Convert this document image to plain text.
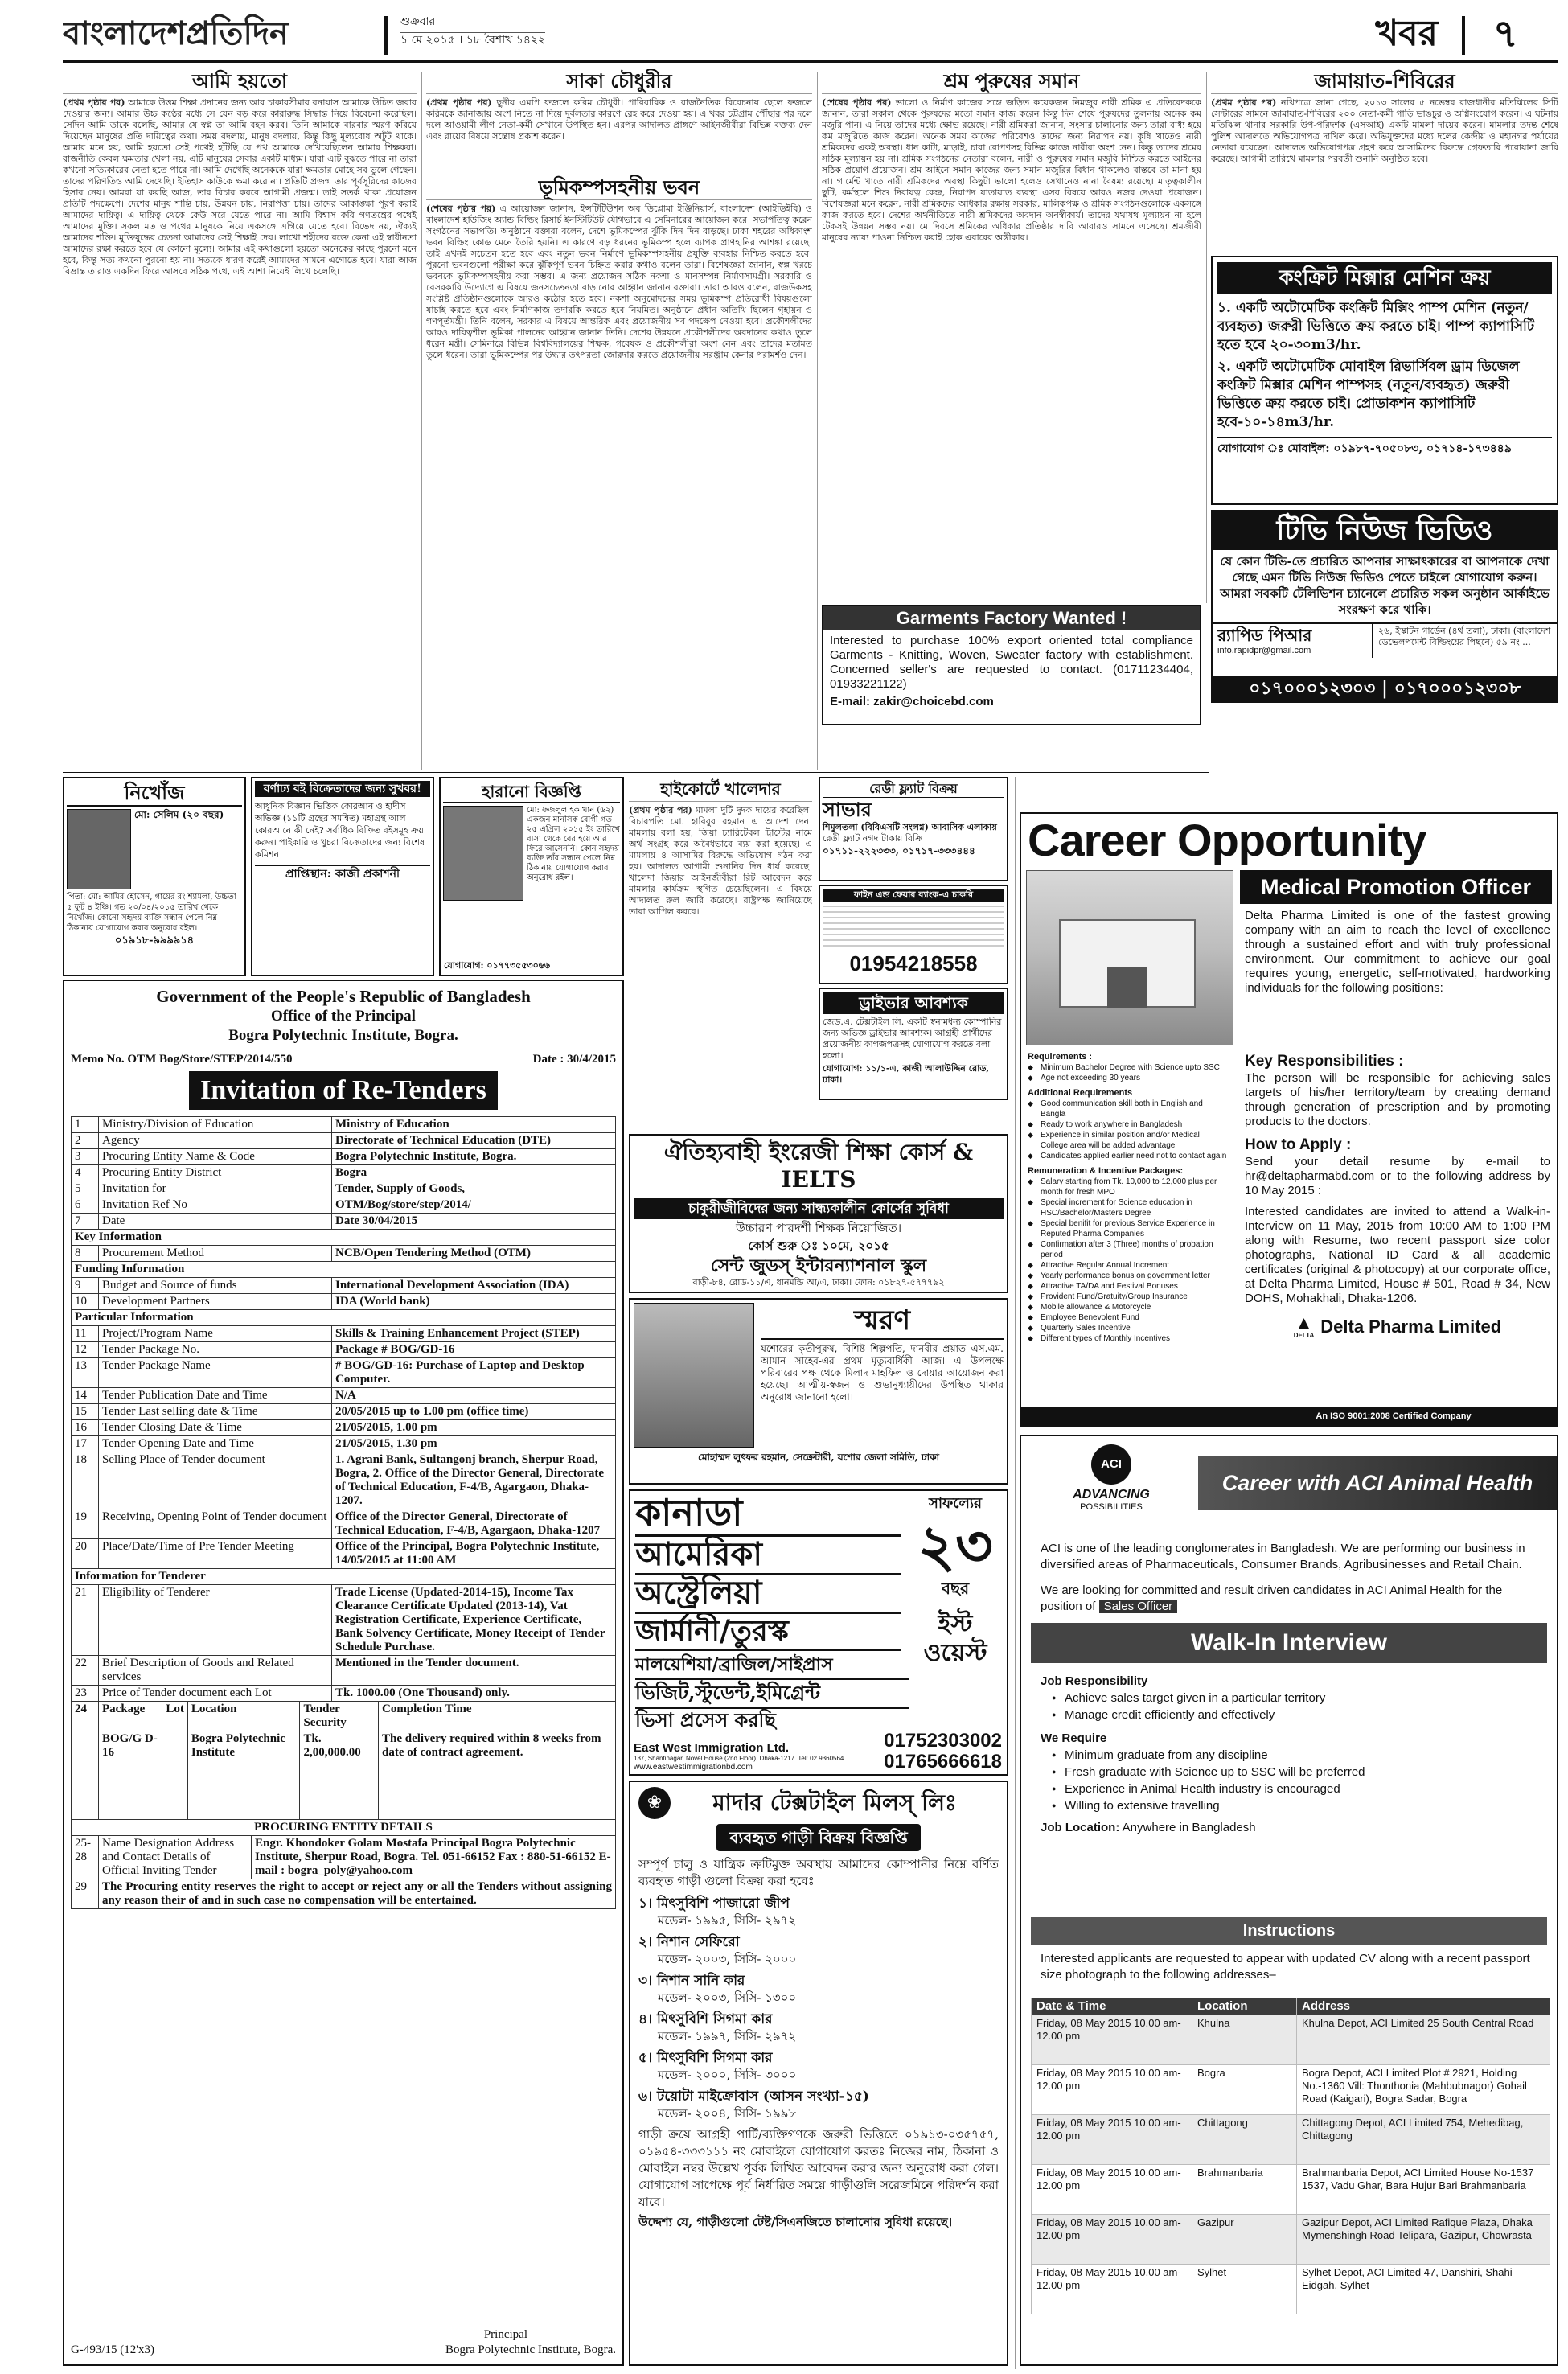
বাংলাদেশপ্রতিদিন	শুক্রবার
১ মে ২০১৫ । ১৮ বৈশাখ ১৪২২	খবর ৭
আমি হয়তো
(প্রথম পৃষ্ঠার পর) আমাকে উত্তম শিক্ষা প্রদানের জন্য আর চাকারসীমার বনায়াস আমাকে উচিত জবাব দেওয়ার জন্য। আমার উচ্চ কণ্ঠের মধ্যে সে যেন বড় করে কারারুদ্ধ সিদ্ধান্ত নিয়ে বিবেচনা করেছিল। সেদিন আমি তাকে বলেছি, আমার যে স্বপ্ন তা আমি বহন করব। তিনি আমাকে বারবার স্মরণ করিয়ে দিয়েছেন মানুষের প্রতি দায়িত্বের কথা। সময় বদলায়, মানুষ বদলায়, কিন্তু কিছু মূল্যবোধ অটুট থাকে। আমার মনে হয়, আমি হয়তো সেই পথেই হাঁটছি যে পথ আমাকে দেখিয়েছিলেন আমার শিক্ষকরা। রাজনীতি কেবল ক্ষমতার খেলা নয়, এটি মানুষের সেবার একটি মাধ্যম। যারা এটি বুঝতে পারে না তারা কখনো সত্যিকারের নেতা হতে পারে না। আমি দেখেছি অনেককে যারা ক্ষমতার মোহে সব ভুলে গেছেন। তাদের পরিণতিও আমি দেখেছি। ইতিহাস কাউকে ক্ষমা করে না। প্রতিটি প্রজন্ম তার পূর্বসূরিদের কাজের হিসাব নেয়। আমরা যা করছি আজ, তার বিচার করবে আগামী প্রজন্ম। তাই সতর্ক থাকা প্রয়োজন প্রতিটি পদক্ষেপে। দেশের মানুষ শান্তি চায়, উন্নয়ন চায়, নিরাপত্তা চায়। তাদের আকাঙ্ক্ষা পূরণ করাই আমাদের দায়িত্ব। এ দায়িত্ব থেকে কেউ সরে যেতে পারে না। আমি বিশ্বাস করি গণতন্ত্রের পথেই আমাদের মুক্তি। সকল মত ও পথের মানুষকে নিয়ে একসঙ্গে এগিয়ে যেতে হবে। বিভেদ নয়, ঐক্যই আমাদের শক্তি। মুক্তিযুদ্ধের চেতনা আমাদের সেই শিক্ষাই দেয়। লাখো শহীদের রক্তে কেনা এই স্বাধীনতা আমাদের রক্ষা করতে হবে যে কোনো মূল্যে। আমার এই কথাগুলো হয়তো অনেকের কাছে পুরনো মনে হবে, কিন্তু সত্য কখনো পুরনো হয় না। সত্যকে ধারণ করেই আমাদের সামনে এগোতে হবে। যারা আজ বিভ্রান্ত তারাও একদিন ফিরে আসবে সঠিক পথে, এই আশা নিয়েই লিখে চলেছি।
সাকা চৌধুরীর
(প্রথম পৃষ্ঠার পর) ছুনীয় এমপি ফজলে করিম চৌধুরী। পারিবারিক ও রাজনৈতিক বিবেচনায় ছেলে ফজলে করিমকে জানাজায় অংশ নিতে না দিয়ে দুর্বলতার কারণে রেহ করে দেওয়া হয়। এ খবর চট্টগ্রাম পৌঁছার পর দলে দলে আওয়ামী লীগ নেতা-কর্মী সেখানে উপস্থিত হন। এরপর আদালত প্রাঙ্গণে আইনজীবীরা বিভিন্ন বক্তব্য দেন এবং রায়ের বিষয়ে সন্তোষ প্রকাশ করেন।
ভূমিকম্পসহনীয় ভবন
(শেষের পৃষ্ঠার পর) এ আয়োজন জানান, ইন্সটিটিউশন অব ডিপ্লোমা ইঞ্জিনিয়ার্স, বাংলাদেশ (আইডিইবি) ও বাংলাদেশ হাউজিং অ্যান্ড বিল্ডিং রিসার্চ ইনস্টিটিউট যৌথভাবে এ সেমিনারের আয়োজন করে। সভাপতিত্ব করেন সংগঠনের সভাপতি। অনুষ্ঠানে বক্তারা বলেন, দেশে ভূমিকম্পের ঝুঁকি দিন দিন বাড়ছে। ঢাকা শহরের অধিকাংশ ভবন বিল্ডিং কোড মেনে তৈরি হয়নি। এ কারণে বড় ধরনের ভূমিকম্প হলে ব্যাপক প্রাণহানির আশঙ্কা রয়েছে। তাই এখনই সচেতন হতে হবে এবং নতুন ভবন নির্মাণে ভূমিকম্পসহনীয় প্রযুক্তি ব্যবহার নিশ্চিত করতে হবে। পুরনো ভবনগুলো পরীক্ষা করে ঝুঁকিপূর্ণ ভবন চিহ্নিত করার কথাও বলেন তারা। বিশেষজ্ঞরা জানান, স্বল্প খরচে ভবনকে ভূমিকম্পসহনীয় করা সম্ভব। এ জন্য প্রয়োজন সঠিক নকশা ও মানসম্পন্ন নির্মাণসামগ্রী। সরকারি ও বেসরকারি উদ্যোগে এ বিষয়ে জনসচেতনতা বাড়ানোর আহ্বান জানান বক্তারা। তারা আরও বলেন, রাজউকসহ সংশ্লিষ্ট প্রতিষ্ঠানগুলোকে আরও কঠোর হতে হবে। নকশা অনুমোদনের সময় ভূমিকম্প প্রতিরোধী বিষয়গুলো যাচাই করতে হবে এবং নির্মাণকাজ তদারকি করতে হবে নিয়মিত। অনুষ্ঠানে প্রধান অতিথি ছিলেন গৃহায়ন ও গণপূর্তমন্ত্রী। তিনি বলেন, সরকার এ বিষয়ে আন্তরিক এবং প্রয়োজনীয় সব পদক্ষেপ নেওয়া হবে। প্রকৌশলীদের আরও দায়িত্বশীল ভূমিকা পালনের আহ্বান জানান তিনি। দেশের উন্নয়নে প্রকৌশলীদের অবদানের কথাও তুলে ধরেন মন্ত্রী। সেমিনারে বিভিন্ন বিশ্ববিদ্যালয়ের শিক্ষক, গবেষক ও প্রকৌশলীরা অংশ নেন এবং তাদের মতামত তুলে ধরেন। তারা ভূমিকম্পের পর উদ্ধার তৎপরতা জোরদার করতে প্রয়োজনীয় সরঞ্জাম কেনার পরামর্শও দেন।
শ্রম পুরুষের সমান
(শেষের পৃষ্ঠার পর) ভালো ও নির্মাণ কাজের সঙ্গে জড়িত কয়েকজন নিমজুর নারী শ্রমিক এ প্রতিবেদককে জানান, তারা সকাল থেকে পুরুষদের মতো সমান কাজ করেন কিন্তু দিন শেষে পুরুষদের তুলনায় অনেক কম মজুরি পান। এ নিয়ে তাদের মধ্যে ক্ষোভ রয়েছে। নারী শ্রমিকরা জানান, সংসার চালানোর জন্য তারা বাধ্য হয়ে কম মজুরিতে কাজ করেন। অনেক সময় কাজের পরিবেশও তাদের জন্য নিরাপদ নয়। কৃষি খাতেও নারী শ্রমিকদের একই অবস্থা। ধান কাটা, মাড়াই, চারা রোপণসহ বিভিন্ন কাজে নারীরা অংশ নেন। কিন্তু তাদের শ্রমের সঠিক মূল্যায়ন হয় না। শ্রমিক সংগঠনের নেতারা বলেন, নারী ও পুরুষের সমান মজুরি নিশ্চিত করতে আইনের সঠিক প্রয়োগ প্রয়োজন। শ্রম আইনে সমান কাজের জন্য সমান মজুরির বিধান থাকলেও বাস্তবে তা মানা হয় না। গার্মেন্ট খাতে নারী শ্রমিকদের অবস্থা কিছুটা ভালো হলেও সেখানেও নানা বৈষম্য রয়েছে। মাতৃত্বকালীন ছুটি, কর্মস্থলে শিশু দিবাযত্ন কেন্দ্র, নিরাপদ যাতায়াত ব্যবস্থা এসব বিষয়ে আরও নজর দেওয়া প্রয়োজন। বিশেষজ্ঞরা মনে করেন, নারী শ্রমিকদের অধিকার রক্ষায় সরকার, মালিকপক্ষ ও শ্রমিক সংগঠনগুলোকে একসঙ্গে কাজ করতে হবে। দেশের অর্থনীতিতে নারী শ্রমিকদের অবদান অনস্বীকার্য। তাদের যথাযথ মূল্যায়ন না হলে টেকসই উন্নয়ন সম্ভব নয়। মে দিবসে শ্রমিকের অধিকার প্রতিষ্ঠার দাবি আবারও সামনে এসেছে। শ্রমজীবী মানুষের ন্যায্য পাওনা নিশ্চিত করাই হোক এবারের অঙ্গীকার।
জামায়াত-শিবিরের
(প্রথম পৃষ্ঠার পর) নথিপত্রে জানা গেছে, ২০১৩ সালের ৫ নভেম্বর রাজধানীর মতিঝিলের সিটি সেন্টারের সামনে জামায়াত-শিবিরের ২০০ নেতা-কর্মী গাড়ি ভাঙচুর ও অগ্নিসংযোগ করেন। এ ঘটনায় মতিঝিল থানার সরকারি উপ-পরিদর্শক (এসআই) একটি মামলা দায়ের করেন। মামলার তদন্ত শেষে পুলিশ আদালতে অভিযোগপত্র দাখিল করে। অভিযুক্তদের মধ্যে দলের কেন্দ্রীয় ও মহানগর পর্যায়ের নেতারা রয়েছেন। আদালত অভিযোগপত্র গ্রহণ করে আসামিদের বিরুদ্ধে গ্রেফতারি পরোয়ানা জারি করেছে। আগামী তারিখে মামলার পরবর্তী শুনানি অনুষ্ঠিত হবে।
কংক্রিট মিক্সার মেশিন ক্রয়
১. একটি অটোমেটিক কংক্রিট মিক্সিং পাম্প মেশিন (নতুন/ ব্যবহৃত) জরুরী ভিত্তিতে ক্রয় করতে চাই। পাম্প ক্যাপাসিটি হতে হবে ২০-৩০m3/hr.
২. একটি অটোমেটিক মোবাইল রিভার্সিবল ড্রাম ডিজেল কংক্রিট মিক্সার মেশিন পাম্পসহ (নতুন/ব্যবহৃত) জরুরী ভিত্তিতে ক্রয় করতে চাই। প্রোডাকশন ক্যাপাসিটি হবে-১০-১৪m3/hr.
যোগাযোগ ঃ মোবাইল: ০১৯৮৭-৭০৫০৮৩, ০১৭১৪-১৭৩৪৪৯
টিভি নিউজ ভিডিও
যে কোন টিভি-তে প্রচারিত আপনার সাক্ষাৎকারের বা আপনাকে দেখা গেছে এমন টিভি নিউজ ভিডিও পেতে চাইলে যোগাযোগ করুন। আমরা সবকটি টেলিভিশন চ্যানেলে প্রচারিত সকল অনুষ্ঠান আর্কাইভে সংরক্ষণ করে থাকি।
র‍্যাপিড পিআর
info.rapidpr@gmail.com
২৬, ইস্কাটন গার্ডেন (৪র্থ তলা), ঢাকা। (বাংলাদেশ ডেভেলপমেন্ট বিল্ডিংয়ের পিছনে) ৫৯ নং ...
০১৭০০০১২৩০৩ | ০১৭০০০১২৩০৮
Garments Factory Wanted !
Interested to purchase 100% export oriented total compliance Garments - Knitting, Woven, Sweater factory with establishment. Concerned seller's are requested to contact. (01711234404, 01933221122)
E-mail: zakir@choicebd.com
নিখোঁজ
মো: সেলিম (২০ বছর)
পিতা: মো: আমির হোসেন, গায়ের রং শ্যামলা, উচ্চতা ৫ ফুট ৪ ইঞ্চি। গত ২০/০৪/২০১৫ তারিখ থেকে নিখোঁজ। কোনো সহৃদয় ব্যক্তি সন্ধান পেলে নিম্ন ঠিকানায় যোগাযোগ করার অনুরোধ রইল।
০১৯১৮-৯৯৯৯১৪
বর্ণাঢ্য বই বিক্রেতাদের জন্য সুখবর!
আধুনিক বিজ্ঞান ভিত্তিক কোরআন ও হাদীস অভিজ্ঞ (১১টি গ্রন্থের সমন্বিত) মহাগ্রন্থ আল কোরআনে কী নেই? সর্বাধিক বিক্রিত বইসমূহ ক্রয় করুন। পাইকারি ও খুচরা বিক্রেতাদের জন্য বিশেষ কমিশন।
প্রাপ্তিস্থান: কাজী প্রকাশনী
হারানো বিজ্ঞপ্তি
মো: ফজলুল হক খান (৬২) একজন মানসিক রোগী গত ২৫ এপ্রিল ২০১৫ ইং তারিখে বাসা থেকে বের হয়ে আর ফিরে আসেননি। কোন সহৃদয় ব্যক্তি তাঁর সন্ধান পেলে নিম্ন ঠিকানায় যোগাযোগ করার অনুরোধ রইল।
যোগাযোগ: ০১৭৭৩৫৫৩০৬৬
হাইকোর্টে খালেদার
(প্রথম পৃষ্ঠার পর) মামলা দুটি দুদক দায়ের করেছিল। বিচারপতি মো. হাবিবুর রহমান এ আদেশ দেন। মামলায় বলা হয়, জিয়া চ্যারিটেবল ট্রাস্টের নামে অর্থ সংগ্রহ করে অবৈধভাবে ব্যয় করা হয়েছে। এ মামলায় ৪ আসামির বিরুদ্ধে অভিযোগ গঠন করা হয়। আদালত আগামী শুনানির দিন ধার্য করেছে। খালেদা জিয়ার আইনজীবীরা রিট আবেদন করে মামলার কার্যক্রম স্থগিত চেয়েছিলেন। এ বিষয়ে আদালত রুল জারি করেছে। রাষ্ট্রপক্ষ জানিয়েছে তারা আপিল করবে।
রেডী ফ্ল্যাট বিক্রয়
সাভার
শিমুলতলা (বিবিএসটি সংলগ্ন) আবাসিক এলাকায়
রেডী ফ্ল্যাট নগদ টাকায় বিক্রি
০১৭১১-২২২৩৩৩, ০১৭১৭-৩৩৩৪৪৪
ফাইন এন্ড ফেয়ার ব্যাংক-এ চাকরি
01954218558
ড্রাইভার আবশ্যক
জেড.এ. টেক্সটাইল লি. একটি স্বনামধন্য কোম্পানির জন্য অভিজ্ঞ ড্রাইভার আবশ্যক। আগ্রহী প্রার্থীদের প্রয়োজনীয় কাগজপত্রসহ যোগাযোগ করতে বলা হলো।
যোগাযোগ: ১১/১-এ, কাজী আলাউদ্দিন রোড, ঢাকা।
Government of the People's Republic of Bangladesh
Office of the Principal
Bogra Polytechnic Institute, Bogra.
Memo No. OTM Bog/Store/STEP/2014/550	Date : 30/4/2015
Invitation of Re-Tenders
1	Ministry/Division of Education	Ministry of Education
2	Agency	Directorate of Technical Education (DTE)
3	Procuring Entity Name & Code	Bogra Polytechnic Institute, Bogra.
4	Procuring Entity District	Bogra
5	Invitation for	Tender, Supply of Goods,
6	Invitation Ref No	OTM/Bog/store/step/2014/
7	Date	Date 30/04/2015
Key Information		
8	Procurement Method	NCB/Open Tendering Method (OTM)
Funding Information		
9	Budget and Source of funds	International Development Association (IDA)
10	Development Partners	IDA (World bank)
Particular Information		
11	Project/Program Name	Skills & Training Enhancement Project (STEP)
12	Tender Package No.	Package # BOG/GD-16
13	Tender Package Name	# BOG/GD-16: Purchase of Laptop and Desktop Computer.
14	Tender Publication Date and Time	N/A
15	Tender Last selling date & Time	20/05/2015 up to 1.00 pm (office time)
16	Tender Closing Date & Time	21/05/2015, 1.00 pm
17	Tender Opening Date and Time	21/05/2015, 1.30 pm
18	Selling Place of Tender document	1. Agrani Bank, Sultangonj branch, Sherpur Road, Bogra, 2. Office of the Director General, Directorate of Technical Education, F-4/B, Agargaon, Dhaka-1207.
19	Receiving, Opening Point of Tender document	Office of the Director General, Directorate of Technical Education, F-4/B, Agargaon, Dhaka-1207
20	Place/Date/Time of Pre Tender Meeting	Office of the Principal, Bogra Polytechnic Institute, 14/05/2015 at 11:00 AM
Information for Tenderer		
21	Eligibility of Tenderer	Trade License (Updated-2014-15), Income Tax Clearance Certificate Updated (2013-14), Vat Registration Certificate, Experience Certificate, Bank Solvency Certificate, Money Receipt of Tender Schedule Purchase.
22	Brief Description of Goods and Related services	Mentioned in the Tender document.
23	Price of Tender document each Lot	Tk. 1000.00 (One Thousand) only.
24	Package	Lot	Location	Tender Security	Completion Time
	BOG/G D-16		Bogra Polytechnic Institute	Tk. 2,00,000.00	The delivery required within 8 weeks from date of contract agreement.
PROCURING ENTITY DETAILS		
25-28	Name Designation Address and Contact Details of Official Inviting Tender	Engr. Khondoker Golam Mostafa Principal Bogra Polytechnic Institute, Sherpur Road, Bogra. Tel. 051-66152 Fax : 880-51-66152 E-mail : bogra_poly@yahoo.com
29	The Procuring entity reserves the right to accept or reject any or all the Tenders without assigning any reason their of and in such case no compensation will be entertained.	
Principal
G-493/15 (12'x3)	Bogra Polytechnic Institute, Bogra.
ঐতিহ্যবাহী ইংরেজী শিক্ষা কোর্স & IELTS
চাকুরীজীবিদের জন্য সান্ধ্যকালীন কোর্সের সুবিধা
উচ্চারণ পারদর্শী শিক্ষক নিয়োজিত।
কোর্স শুরু ঃ ১০মে, ২০১৫
সেন্ট জুডস্ ইন্টারন্যাশনাল স্কুল
বাড়ী-৮৪, রোড-১১/এ, ধানমন্ডি আ/এ, ঢাকা। ফোন: ০১৮২৭-৫৭৭৭৯২
স্মরণ
যশোরের কৃতীপুরুষ, বিশিষ্ট শিল্পপতি, দানবীর প্রয়াত এস.এম. আমান সাহেব-এর প্রথম মৃত্যুবার্ষিকী আজ। এ উপলক্ষে পরিবারের পক্ষ থেকে মিলাদ মাহফিল ও দোয়ার আয়োজন করা হয়েছে। আত্মীয়-স্বজন ও শুভানুধ্যায়ীদের উপস্থিত থাকার অনুরোধ জানানো হলো।
মোহাম্মদ লুৎফর রহমান, সেক্রেটারী, যশোর জেলা সমিতি, ঢাকা
কানাডা
আমেরিকা
অস্ট্রেলিয়া
জার্মানী/তুরস্ক
মালয়েশিয়া/ব্রাজিল/সাইপ্রাস
ভিজিট,স্টুডেন্ট,ইমিগ্রেন্ট
ভিসা প্রসেস করছি
সাফল্যের
২৩
বছর
ইস্ট ওয়েস্ট
East West Immigration Ltd.
137, Shantinagar, Novel House (2nd Floor), Dhaka-1217. Tel: 02 9360564
www.eastwestimmigrationbd.com
01752303002
01765666618
❀	মাদার টেক্সটাইল মিলস্ লিঃ
ব্যবহৃত গাড়ী বিক্রয় বিজ্ঞপ্তি
সম্পূর্ণ চালু ও যান্ত্রিক ত্রুটিমুক্ত অবস্থায় আমাদের কোম্পানীর নিম্নে বর্ণিত ব্যবহৃত গাড়ী গুলো বিক্রয় করা হবেঃ
১। মিৎসুবিশি পাজারো জীপ
মডেল- ১৯৯৫, সিসি- ২৯৭২
২। নিশান সেফিরো
মডেল- ২০০৩, সিসি- ২০০০
৩। নিশান সানি কার
মডেল- ২০০৩, সিসি- ১৩০০
৪। মিৎসুবিশি সিগমা কার
মডেল- ১৯৯৭, সিসি- ২৯৭২
৫। মিৎসুবিশি সিগমা কার
মডেল- ২০০০, সিসি- ৩০০০
৬। টয়োটা মাইক্রোবাস (আসন সংখ্যা-১৫)
মডেল- ২০০৪, সিসি- ১৯৯৮
গাড়ী ক্রয়ে আগ্রহী পার্টি/ব্যক্তিগণকে জরুরী ভিত্তিতে ০১৯১৩-০৩৫৭৫৭, ০১৯৫৪-৩৩৩১১১ নং মোবাইলে যোগাযোগ করতঃ নিজের নাম, ঠিকানা ও মোবাইল নম্বর উল্লেখ পূর্বক লিখিত আবেদন করার জন্য অনুরোধ করা গেল। যোগাযোগ সাপেক্ষে পূর্ব নির্ধারিত সময়ে গাড়ীগুলি সরেজমিনে পরিদর্শন করা যাবে।
উদ্দেশ্য যে, গাড়ীগুলো টেষ্ট/সিএনজিতে চালানোর সুবিধা রয়েছে।
Career Opportunity
Medical Promotion Officer
Delta Pharma Limited is one of the fastest growing company with an aim to reach the level of excellence through a sustained effort and with truly professional environment. Our commitment to achieve our goal requires young, energetic, self-motivated, hardworking individuals for the following positions:
Requirements :
◆ Minimum Bachelor Degree with Science upto SSC
◆ Age not exceeding 30 years
Additional Requirements
◆ Good communication skill both in English and Bangla
◆ Ready to work anywhere in Bangladesh
◆ Experience in similar position and/or Medical College area will be added advantage
◆ Candidates applied earlier need not to contact again
Remuneration & Incentive Packages:
◆ Salary starting from Tk. 10,000 to 12,000 plus per month for fresh MPO
◆ Special increment for Science education in HSC/Bachelor/Masters Degree
◆ Special benifit for previous Service Experience in Reputed Pharma Companies
◆ Confirmation after 3 (Three) months of probation period
◆ Attractive Regular Annual Increment
◆ Yearly performance bonus on government letter
◆ Attractive TA/DA and Festival Bonuses
◆ Provident Fund/Gratuity/Group Insurance
◆ Mobile allowance & Motorcycle
◆ Employee Benevolent Fund
◆ Quarterly Sales Incentive
◆ Different types of Monthly Incentives
Key Responsibilities :
The person will be responsible for achieving sales targets of his/her territory/team by creating demand through generation of prescription and by promoting products to the doctors.
How to Apply :
Send your detail resume by e-mail to hr@deltapharmabd.com or to the following address by 10 May 2015 :
Interested candidates are invited to attend a Walk-in-Interview on 11 May, 2015 from 10:00 AM to 1:00 PM along with Resume, two recent passport size color photographs, National ID Card & all academic certificates (original & photocopy) at our corporate office, at Delta Pharma Limited, House # 501, Road # 34, New DOHS, Mohakhali, Dhaka-1206.
▲
DELTA Delta Pharma Limited
An ISO 9001:2008 Certified Company
ACI
ADVANCING
POSSIBILITIES
Career with ACI Animal Health
ACI is one of the leading conglomerates in Bangladesh. We are performing our business in diversified areas of Pharmaceuticals, Consumer Brands, Agribusinesses and Retail Chain.
We are looking for committed and result driven candidates in ACI Animal Health for the position of Sales Officer
Walk-In Interview
Job Responsibility
● Achieve sales target given in a particular territory
● Manage credit efficiently and effectively
We Require
● Minimum graduate from any discipline
● Fresh graduate with Science up to SSC will be preferred
● Experience in Animal Health industry is encouraged
● Willing to extensive travelling
Job Location: Anywhere in Bangladesh
Instructions
Interested applicants are requested to appear with updated CV along with a recent passport size photograph to the following addresses–
Date & Time	Location	Address
Friday, 08 May 2015 10.00 am-12.00 pm	Khulna	Khulna Depot, ACI Limited 25 South Central Road
Friday, 08 May 2015 10.00 am-12.00 pm	Bogra	Bogra Depot, ACI Limited Plot # 2921, Holding No.-1360 Vill: Thonthonia (Mahbubnagor) Gohail Road (Kaigari), Bogra Sadar, Bogra
Friday, 08 May 2015 10.00 am-12.00 pm	Chittagong	Chittagong Depot, ACI Limited 754, Mehedibag, Chittagong
Friday, 08 May 2015 10.00 am-12.00 pm	Brahmanbaria	Brahmanbaria Depot, ACI Limited House No-1537 1537, Vadu Ghar, Bara Hujur Bari Brahmanbaria
Friday, 08 May 2015 10.00 am-12.00 pm	Gazipur	Gazipur Depot, ACI Limited Rafique Plaza, Dhaka Mymenshingh Road Telipara, Gazipur, Chowrasta
Friday, 08 May 2015 10.00 am-12.00 pm	Sylhet	Sylhet Depot, ACI Limited 47, Danshiri, Shahi Eidgah, Sylhet
